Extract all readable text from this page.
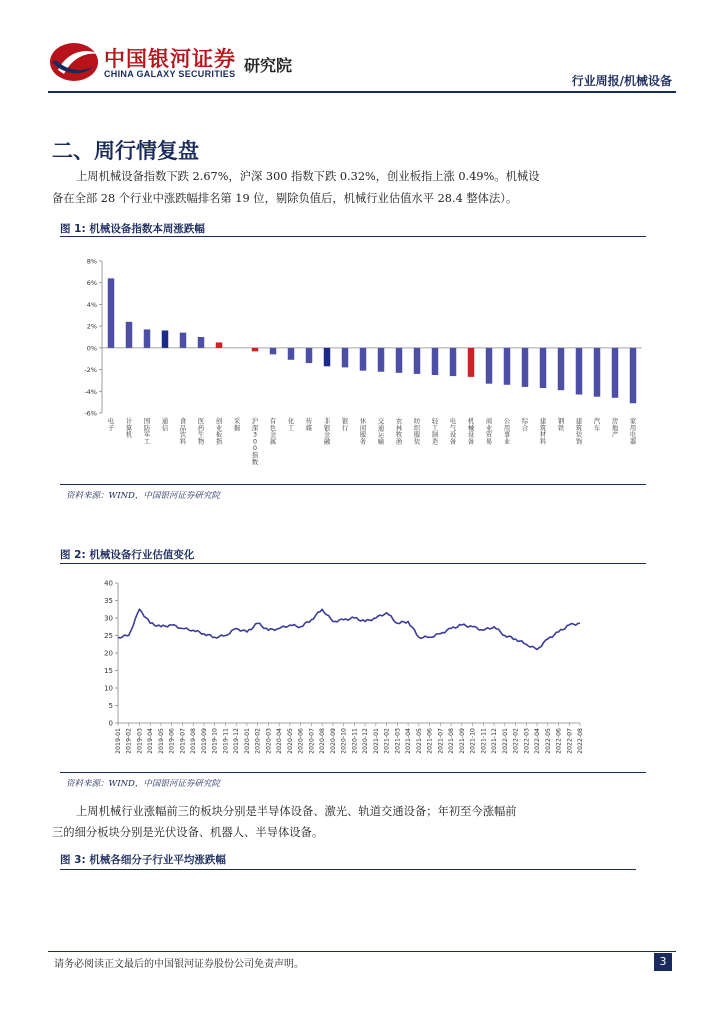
中国银河证券
CHINA GALAXY SECURITIES 研究院
行业周报/机械设备
二、周行情复盘
上周机械设备指数下跌 2.67%，沪深 300 指数下跌 0.32%，创业板指上涨 0.49%。机械设
备在全部 28 个行业中涨跌幅排名第 19 位，剔除负值后，机械行业估值水平 28.4 整体法）。
图 1: 机械设备指数本周涨跌幅
8%
6%
4%
2%
0%
-2%
-4%
-6%
电子
计算机
国防军工
通信
食品饮料
医药生物
创业板指
采掘
沪深 3 0 0 指数
有色金属
化工
传媒
非银金融
银行
休闲服务
交通运输
农林牧渔
纺织服装
轻工制造
电气设备
机械设备
商业贸易
公用事业
综合
建筑材料
钢铁
建筑装饰
汽车
房地产
家用电器
资料来源：WIND，中国银河证券研究院
图 2: 机械设备行业估值变化
0
5
10
15
20
25
30
35
40
2019-01 2019-02 2019-03 2019-04 2019-05 2019-06 2019-07 2019-08 2019-09 2019-10 2019-11 2019-12 2020-01 2020-02 2020-03 2020-04 2020-05 2020-06 2020-07 2020-08 2020-09 2020-10 2020-11 2020-12 2021-01 2021-02 2021-03 2021-04 2021-05 2021-06 2021-07 2021-08 2021-09 2021-10 2021-11 2021-12 2022-01 2022-02 2022-03 2022-04 2022-05 2022-06 2022-07 2022-08
资料来源：WIND，中国银河证券研究院
上周机械行业涨幅前三的板块分别是半导体设备、激光、轨道交通设备；年初至今涨幅前
三的细分板块分别是光伏设备、机器人、半导体设备。
图 3: 机械各细分子行业平均涨跌幅
请务必阅读正文最后的中国银河证券股份公司免责声明。	3
